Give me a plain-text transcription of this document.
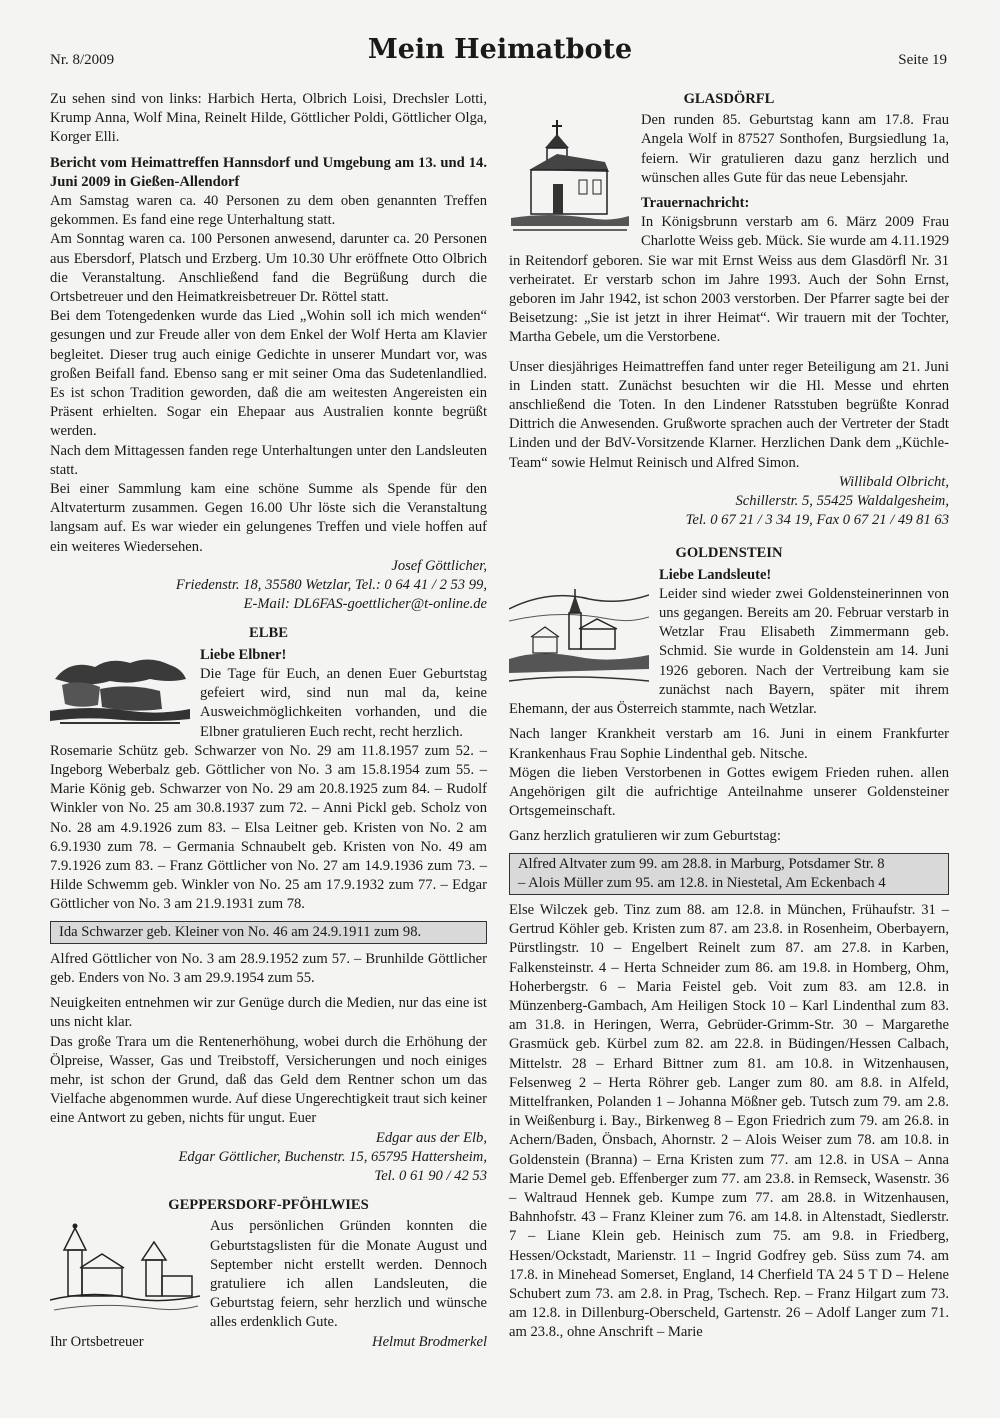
Nr. 8/2009	Mein Heimatbote	Seite 19

Zu sehen sind von links: Harbich Herta, Olbrich Loisi, Drechsler Lotti, Krump Anna, Wolf Mina, Reinelt Hilde, Göttlicher Poldi, Göttlicher Olga, Korger Elli.

Bericht vom Heimattreffen Hannsdorf und Umgebung am 13. und 14. Juni 2009 in Gießen-Allendorf

Am Samstag waren ca. 40 Personen zu dem oben genannten Treffen gekommen. Es fand eine rege Unterhaltung statt.

Am Sonntag waren ca. 100 Personen anwesend, darunter ca. 20 Personen aus Ebersdorf, Platsch und Erzberg. Um 10.30 Uhr eröffnete Otto Olbrich die Veranstaltung. Anschließend fand die Begrüßung durch die Ortsbetreuer und den Heimatkreisbetreuer Dr. Röttel statt.

Bei dem Totengedenken wurde das Lied „Wohin soll ich mich wenden“ gesungen und zur Freude aller von dem Enkel der Wolf Herta am Klavier begleitet. Dieser trug auch einige Gedichte in unserer Mundart vor, was großen Beifall fand. Ebenso sang er mit seiner Oma das Sudetenlandlied. Es ist schon Tradition geworden, daß die am weitesten Angereisten ein Präsent erhielten. Sogar ein Ehepaar aus Australien konnte begrüßt werden.

Nach dem Mittagessen fanden rege Unterhaltungen unter den Landsleuten statt.

Bei einer Sammlung kam eine schöne Summe als Spende für den Altvaterturm zusammen. Gegen 16.00 Uhr löste sich die Veranstaltung langsam auf. Es war wieder ein gelungenes Treffen und viele hoffen auf ein weiteres Wiedersehen.

Josef Göttlicher,

Friedenstr. 18, 35580 Wetzlar, Tel.: 0 64 41 / 2 53 99,

E-Mail: DL6FAS-goettlicher@t-online.de

ELBE

Liebe Elbner!

Die Tage für Euch, an denen Euer Geburtstag gefeiert wird, sind nun mal da, keine Ausweichmöglichkeiten vorhanden, und die Elbner gratulieren Euch recht, recht herzlich.

Rosemarie Schütz geb. Schwarzer von No. 29 am 11.8.1957 zum 52. – Ingeborg Weberbalz geb. Göttlicher von No. 3 am 15.8.1954 zum 55. – Marie König geb. Schwarzer von No. 29 am 20.8.1925 zum 84. – Rudolf Winkler von No. 25 am 30.8.1937 zum 72. – Anni Pickl geb. Scholz von No. 28 am 4.9.1926 zum 83. – Elsa Leitner geb. Kristen von No. 2 am 6.9.1930 zum 78. – Germania Schnaubelt geb. Kristen von No. 49 am 7.9.1926 zum 83. – Franz Göttlicher von No. 27 am 14.9.1936 zum 73. – Hilde Schwemm geb. Winkler von No. 25 am 17.9.1932 zum 77. – Edgar Göttlicher von No. 3 am 21.9.1931 zum 78.

Ida Schwarzer geb. Kleiner von No. 46 am 24.9.1911 zum 98.

Alfred Göttlicher von No. 3 am 28.9.1952 zum 57. – Brunhilde Göttlicher geb. Enders von No. 3 am 29.9.1954 zum 55.

Neuigkeiten entnehmen wir zur Genüge durch die Medien, nur das eine ist uns nicht klar.

Das große Trara um die Rentenerhöhung, wobei durch die Erhöhung der Ölpreise, Wasser, Gas und Treibstoff, Versicherungen und noch einiges mehr, ist schon der Grund, daß das Geld dem Rentner schon um das Vielfache abgenommen wurde. Auf diese Ungerechtigkeit traut sich keiner eine Antwort zu geben, nichts für ungut. Euer

Edgar aus der Elb,

Edgar Göttlicher, Buchenstr. 15, 65795 Hattersheim,

Tel. 0 61 90 / 42 53

GEPPERSDORF-PFÖHLWIES

Aus persönlichen Gründen konnten die Geburtstagslisten für die Monate August und September nicht erstellt werden. Dennoch gratuliere ich allen Landsleuten, die Geburtstag feiern, sehr herzlich und wünsche alles erdenklich Gute.

Ihr Ortsbetreuer	Helmut Brodmerkel
GLASDÖRFL

Den runden 85. Geburtstag kann am 17.8. Frau Angela Wolf in 87527 Sonthofen, Burgsiedlung 1a, feiern. Wir gratulieren dazu ganz herzlich und wünschen alles Gute für das neue Lebensjahr.

Trauernachricht:

In Königsbrunn verstarb am 6. März 2009 Frau Charlotte Weiss geb. Mück. Sie wurde am 4.11.1929 in Reitendorf geboren. Sie war mit Ernst Weiss aus dem Glasdörfl Nr. 31 verheiratet. Er verstarb schon im Jahre 1993. Auch der Sohn Ernst, geboren im Jahr 1942, ist schon 2003 verstorben. Der Pfarrer sagte bei der Beisetzung: „Sie ist jetzt in ihrer Heimat“. Wir trauern mit der Tochter, Martha Gebele, um die Verstorbene.

Unser diesjähriges Heimattreffen fand unter reger Beteiligung am 21. Juni in Linden statt. Zunächst besuchten wir die Hl. Messe und ehrten anschließend die Toten. In den Lindener Ratsstuben begrüßte Konrad Dittrich die Anwesenden. Grußworte sprachen auch der Vertreter der Stadt Linden und der BdV-Vorsitzende Klarner. Herzlichen Dank dem „Küchle-Team“ sowie Helmut Reinisch und Alfred Simon.

Willibald Olbricht,

Schillerstr. 5, 55425 Waldalgesheim,

Tel. 0 67 21 / 3 34 19, Fax 0 67 21 / 49 81 63

GOLDENSTEIN

Liebe Landsleute!

Leider sind wieder zwei Goldensteinerinnen von uns gegangen. Bereits am 20. Februar verstarb in Wetzlar Frau Elisabeth Zimmermann geb. Schmid. Sie wurde in Goldenstein am 14. Juni 1926 geboren. Nach der Vertreibung kam sie zunächst nach Bayern, später mit ihrem Ehemann, der aus Österreich stammte, nach Wetzlar.

Nach langer Krankheit verstarb am 16. Juni in einem Frankfurter Krankenhaus Frau Sophie Lindenthal geb. Nitsche.

Mögen die lieben Verstorbenen in Gottes ewigem Frieden ruhen. allen Angehörigen gilt die aufrichtige Anteilnahme unserer Goldensteiner Ortsgemeinschaft.

Ganz herzlich gratulieren wir zum Geburtstag:

Alfred Altvater zum 99. am 28.8. in Marburg, Potsdamer Str. 8

– Alois Müller zum 95. am 12.8. in Niestetal, Am Eckenbach 4

Else Wilczek geb. Tinz zum 88. am 12.8. in München, Frühaufstr. 31 – Gertrud Köhler geb. Kristen zum 87. am 23.8. in Rosenheim, Oberbayern, Pürstlingstr. 10 – Engelbert Reinelt zum 87. am 27.8. in Karben, Falkensteinstr. 4 – Herta Schneider zum 86. am 19.8. in Homberg, Ohm, Hoherbergstr. 6 – Maria Feistel geb. Voit zum 83. am 12.8. in Münzenberg-Gambach, Am Heiligen Stock 10 – Karl Lindenthal zum 83. am 31.8. in Heringen, Werra, Gebrüder-Grimm-Str. 30 – Margarethe Grasmück geb. Kürbel zum 82. am 22.8. in Büdingen/Hessen Calbach, Mittelstr. 28 – Erhard Bittner zum 81. am 10.8. in Witzenhausen, Felsenweg 2 – Herta Röhrer geb. Langer zum 80. am 8.8. in Alfeld, Mittelfranken, Polanden 1 – Johanna Mößner geb. Tutsch zum 79. am 2.8. in Weißenburg i. Bay., Birkenweg 8 – Egon Friedrich zum 79. am 26.8. in Achern/Baden, Önsbach, Ahornstr. 2 – Alois Weiser zum 78. am 10.8. in Goldenstein (Branna) – Erna Kristen zum 77. am 12.8. in USA – Anna Marie Demel geb. Effenberger zum 77. am 23.8. in Remseck, Wasenstr. 36 – Waltraud Hennek geb. Kumpe zum 77. am 28.8. in Witzenhausen, Bahnhofstr. 43 – Franz Kleiner zum 76. am 14.8. in Altenstadt, Siedlerstr. 7 – Liane Klein geb. Heinisch zum 75. am 9.8. in Friedberg, Hessen/Ockstadt, Marienstr. 11 – Ingrid Godfrey geb. Süss zum 74. am 17.8. in Minehead Somerset, England, 14 Cherfield TA 24 5 T D – Helene Schubert zum 73. am 2.8. in Prag, Tschech. Rep. – Franz Hilgart zum 73. am 12.8. in Dillenburg-Oberscheld, Gartenstr. 26 – Adolf Langer zum 71. am 23.8., ohne Anschrift – Marie
